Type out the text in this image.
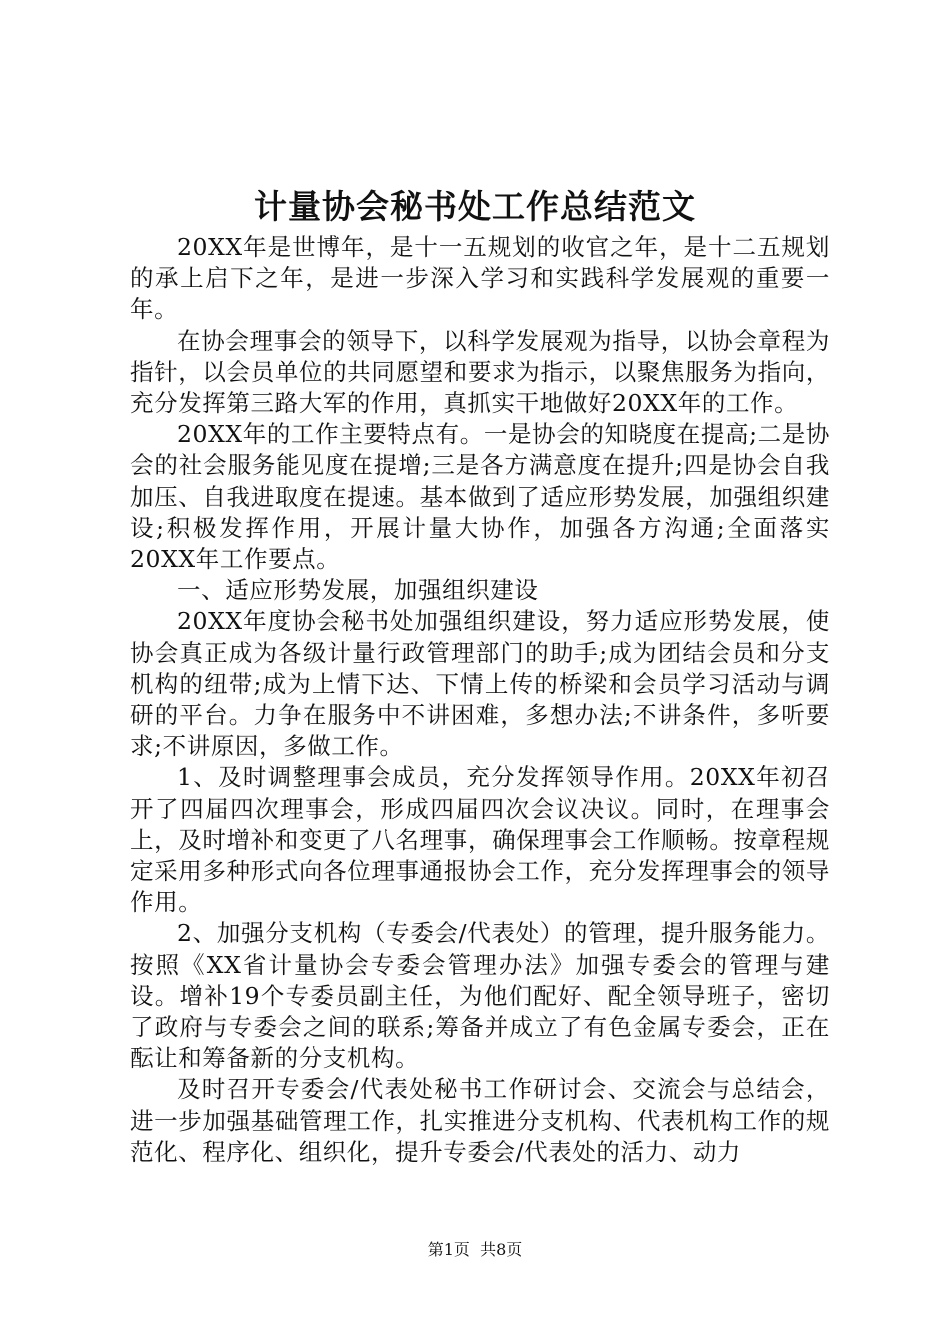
计量协会秘书处工作总结范文

20XX年是世博年，是十一五规划的收官之年，是十二五规划的承上启下之年，是进一步深入学习和实践科学发展观的重要一年。

在协会理事会的领导下，以科学发展观为指导，以协会章程为指针，以会员单位的共同愿望和要求为指示，以聚焦服务为指向，充分发挥第三路大军的作用，真抓实干地做好20XX年的工作。

20XX年的工作主要特点有。一是协会的知晓度在提高;二是协会的社会服务能见度在提增;三是各方满意度在提升;四是协会自我加压、自我进取度在提速。基本做到了适应形势发展，加强组织建设;积极发挥作用，开展计量大协作，加强各方沟通;全面落实20XX年工作要点。

一、适应形势发展，加强组织建设

20XX年度协会秘书处加强组织建设，努力适应形势发展，使协会真正成为各级计量行政管理部门的助手;成为团结会员和分支机构的纽带;成为上情下达、下情上传的桥梁和会员学习活动与调研的平台。力争在服务中不讲困难，多想办法;不讲条件，多听要求;不讲原因，多做工作。

1、及时调整理事会成员，充分发挥领导作用。20XX年初召开了四届四次理事会，形成四届四次会议决议。同时，在理事会上，及时增补和变更了八名理事，确保理事会工作顺畅。按章程规定采用多种形式向各位理事通报协会工作，充分发挥理事会的领导作用。

2、加强分支机构（专委会/代表处）的管理，提升服务能力。按照《XX省计量协会专委会管理办法》加强专委会的管理与建设。增补19个专委员副主任，为他们配好、配全领导班子，密切了政府与专委会之间的联系;筹备并成立了有色金属专委会，正在酝让和筹备新的分支机构。

及时召开专委会/代表处秘书工作研讨会、交流会与总结会，进一步加强基础管理工作，扎实推进分支机构、代表机构工作的规范化、程序化、组织化，提升专委会/代表处的活力、动力

第1页  共8页
